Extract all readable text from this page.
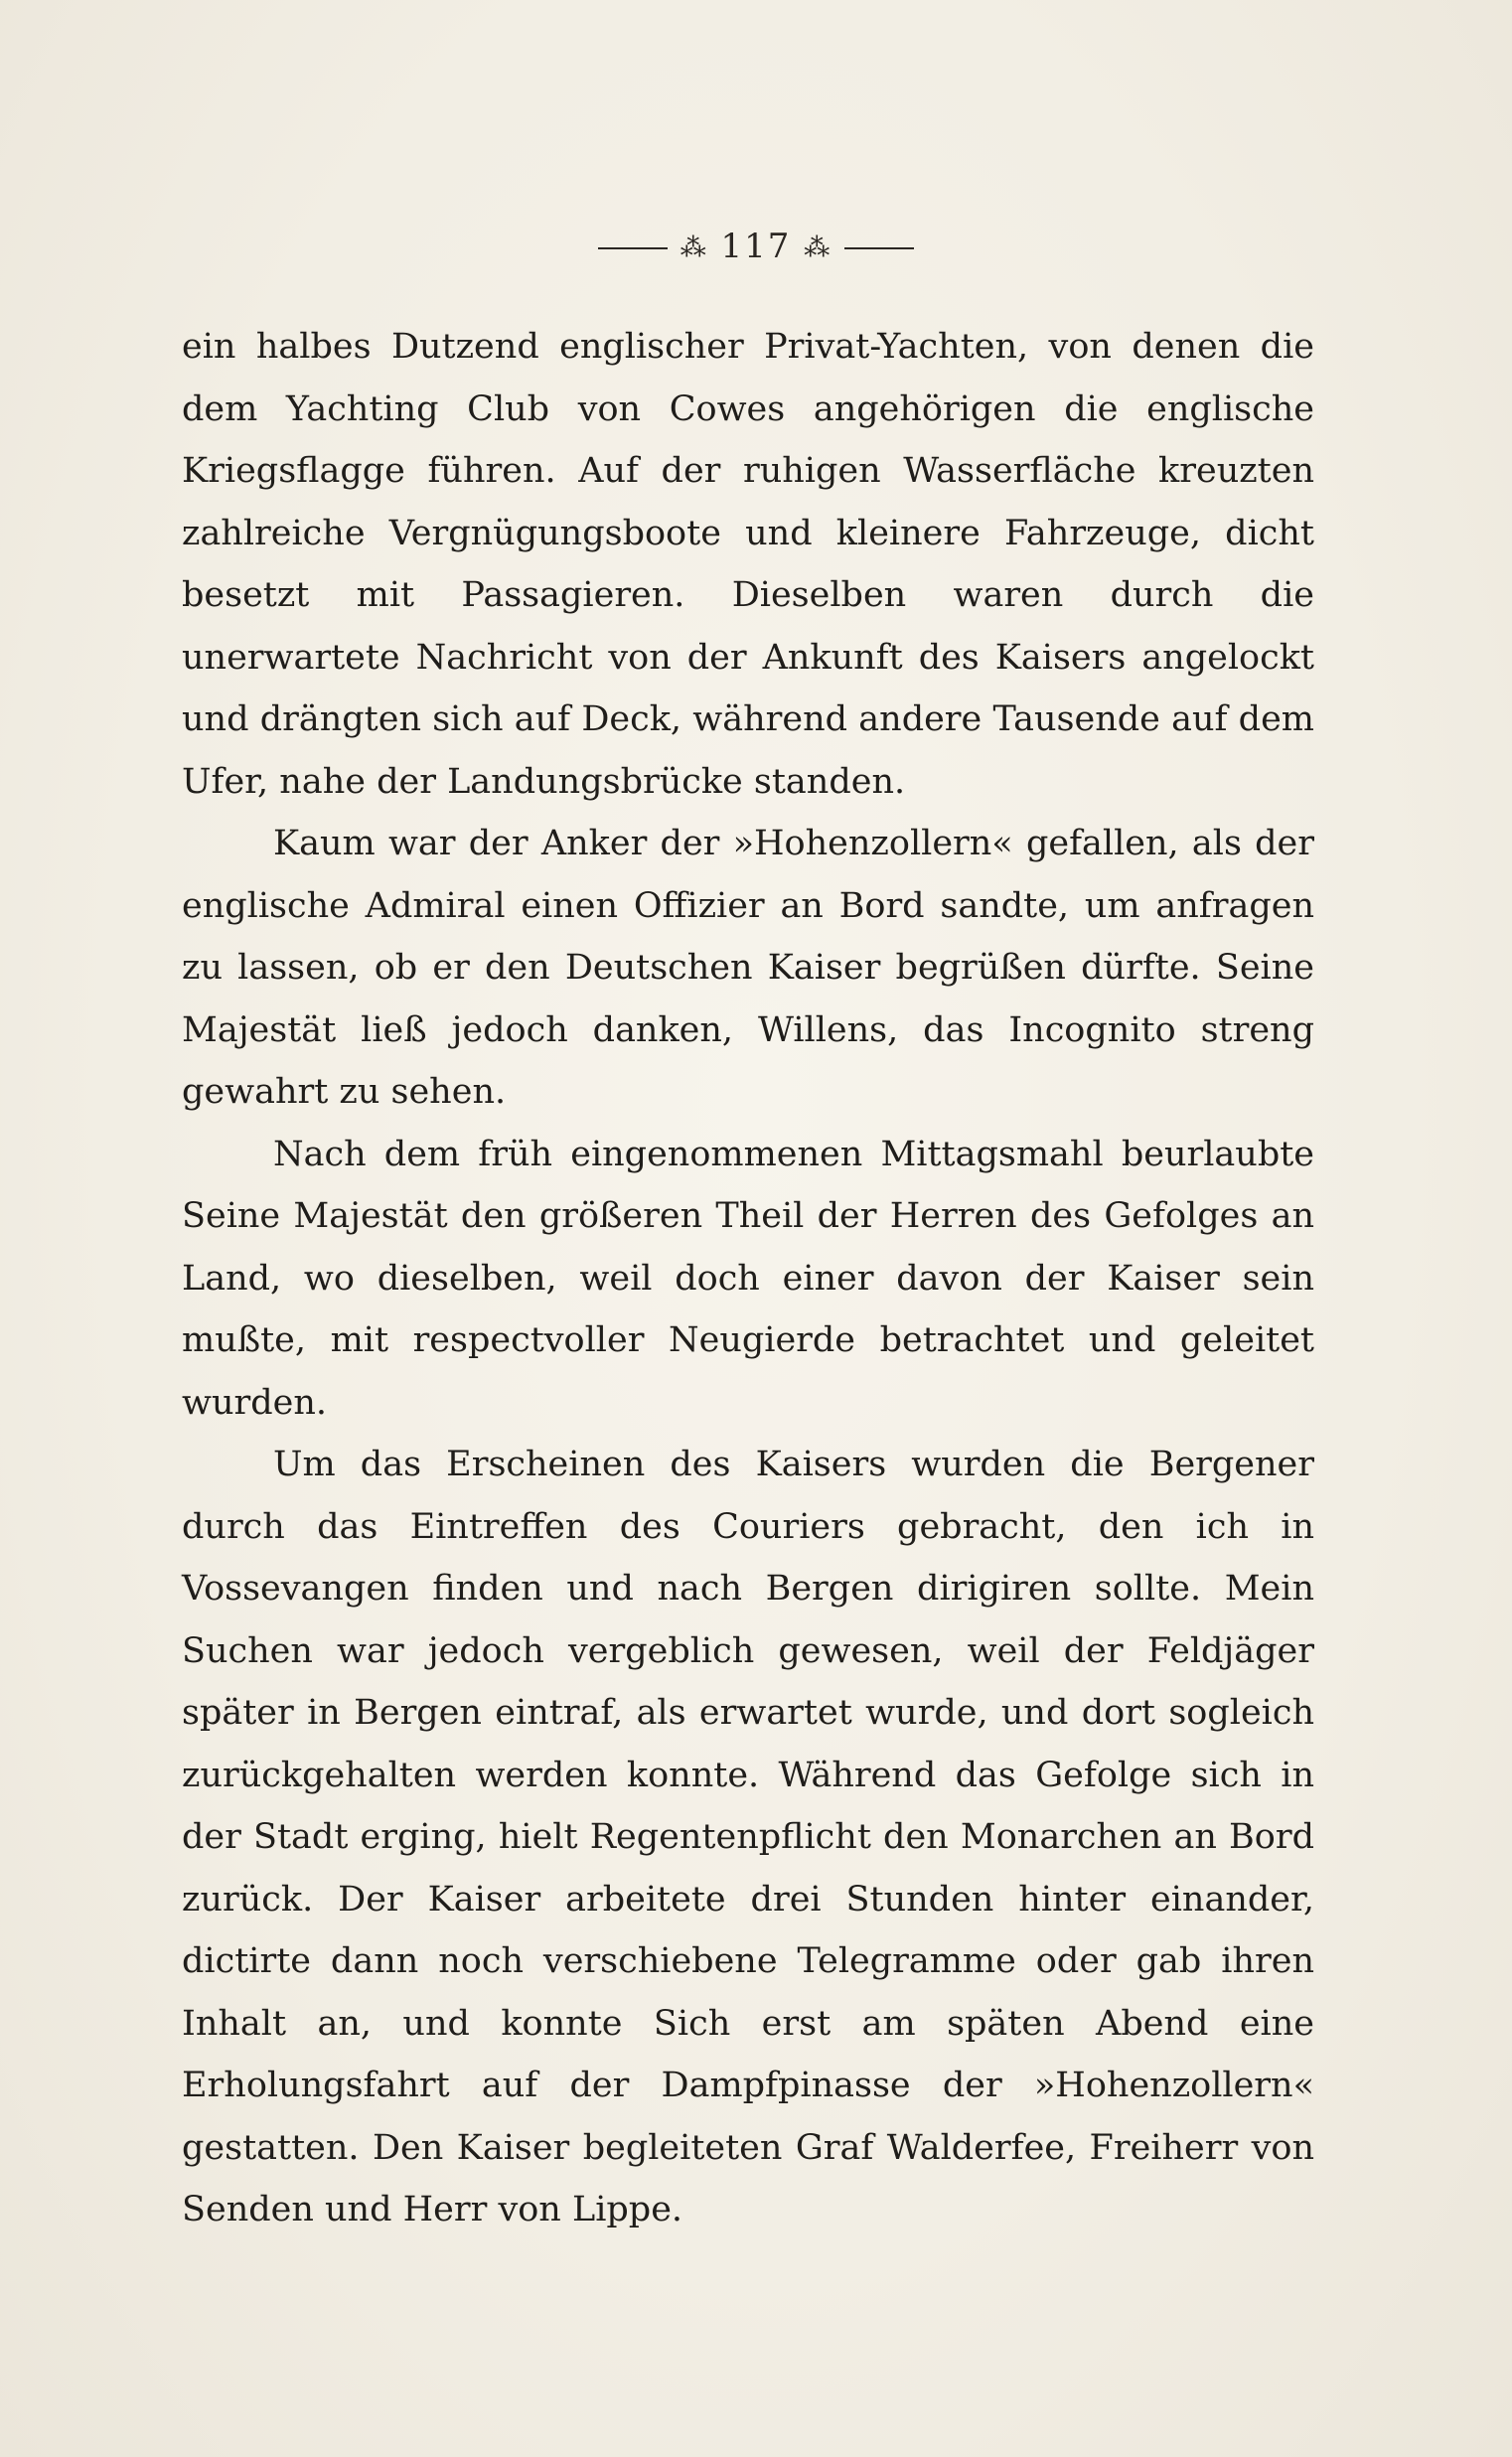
⁂ 117 ⁂

ein halbes Dutzend englischer Privat-Yachten, von denen die dem Yachting Club von Cowes angehörigen die englische Kriegsflagge führen. Auf der ruhigen Wasserfläche kreuzten zahlreiche Vergnügungsboote und kleinere Fahrzeuge, dicht besetzt mit Passagieren. Dieselben waren durch die unerwartete Nachricht von der Ankunft des Kaisers angelockt und drängten sich auf Deck, während andere Tausende auf dem Ufer, nahe der Landungsbrücke standen.

Kaum war der Anker der »Hohenzollern« gefallen, als der englische Admiral einen Offizier an Bord sandte, um anfragen zu lassen, ob er den Deutschen Kaiser begrüßen dürfte. Seine Majestät ließ jedoch danken, Willens, das Incognito streng gewahrt zu sehen.

Nach dem früh eingenommenen Mittagsmahl beurlaubte Seine Majestät den größeren Theil der Herren des Gefolges an Land, wo dieselben, weil doch einer davon der Kaiser sein mußte, mit respectvoller Neugierde betrachtet und geleitet wurden.

Um das Erscheinen des Kaisers wurden die Bergener durch das Eintreffen des Couriers gebracht, den ich in Vossevangen finden und nach Bergen dirigiren sollte. Mein Suchen war jedoch vergeblich gewesen, weil der Feldjäger später in Bergen eintraf, als erwartet wurde, und dort sogleich zurückgehalten werden konnte. Während das Gefolge sich in der Stadt erging, hielt Regentenpflicht den Monarchen an Bord zurück. Der Kaiser arbeitete drei Stunden hinter einander, dictirte dann noch verschiebene Telegramme oder gab ihren Inhalt an, und konnte Sich erst am späten Abend eine Erholungsfahrt auf der Dampfpinasse der »Hohenzollern« gestatten. Den Kaiser begleiteten Graf Walderfee, Freiherr von Senden und Herr von Lippe.
